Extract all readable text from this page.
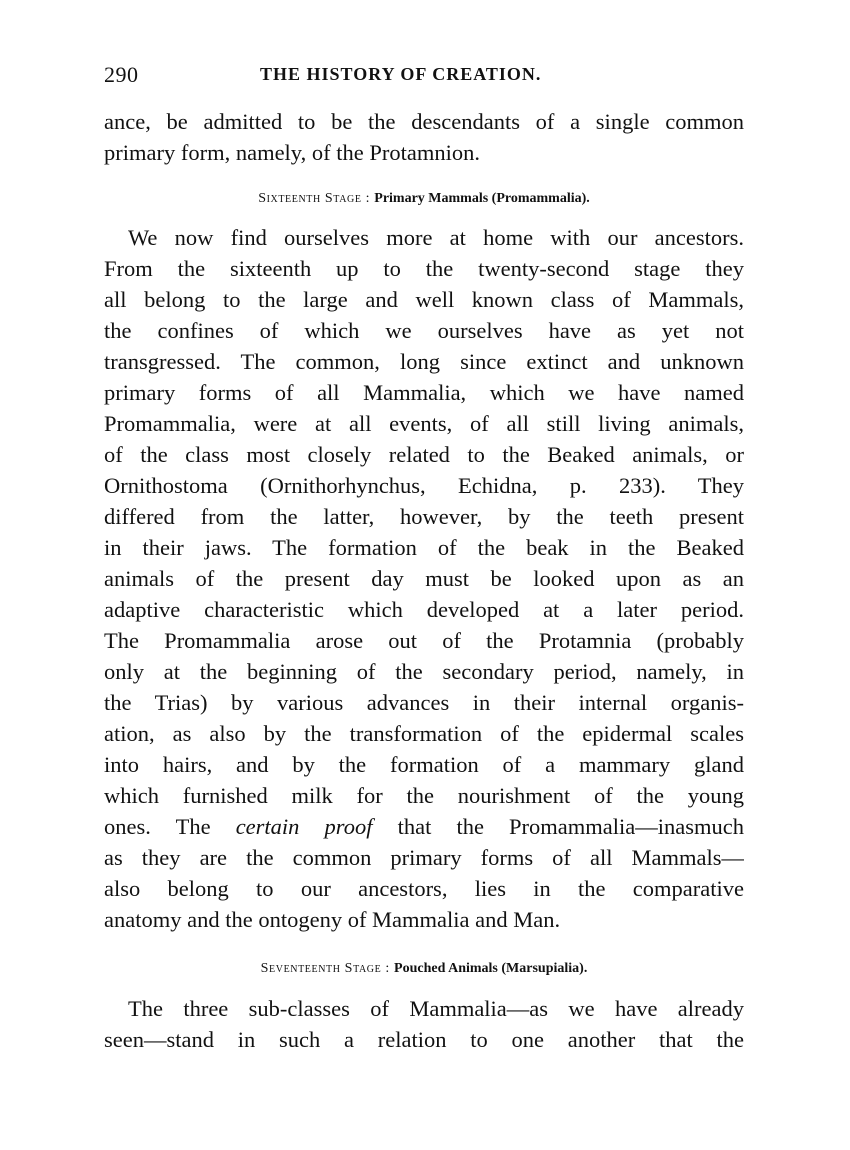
290	THE HISTORY OF CREATION.
ance, be admitted to be the descendants of a single common
primary form, namely, of the Protamnion.
Sixteenth Stage : Primary Mammals (Promammalia).
We now find ourselves more at home with our ancestors.
From the sixteenth up to the twenty-second stage they
all belong to the large and well known class of Mammals,
the confines of which we ourselves have as yet not
transgressed. The common, long since extinct and unknown
primary forms of all Mammalia, which we have named
Promammalia, were at all events, of all still living animals,
of the class most closely related to the Beaked animals, or
Ornithostoma (Ornithorhynchus, Echidna, p. 233). They
differed from the latter, however, by the teeth present
in their jaws. The formation of the beak in the Beaked
animals of the present day must be looked upon as an
adaptive characteristic which developed at a later period.
The Promammalia arose out of the Protamnia (probably
only at the beginning of the secondary period, namely, in
the Trias) by various advances in their internal organis-
ation, as also by the transformation of the epidermal scales
into hairs, and by the formation of a mammary gland
which furnished milk for the nourishment of the young
ones. The certain proof that the Promammalia—inasmuch
as they are the common primary forms of all Mammals—
also belong to our ancestors, lies in the comparative
anatomy and the ontogeny of Mammalia and Man.
Seventeenth Stage : Pouched Animals (Marsupialia).
The three sub-classes of Mammalia—as we have already
seen—stand in such a relation to one another that the
